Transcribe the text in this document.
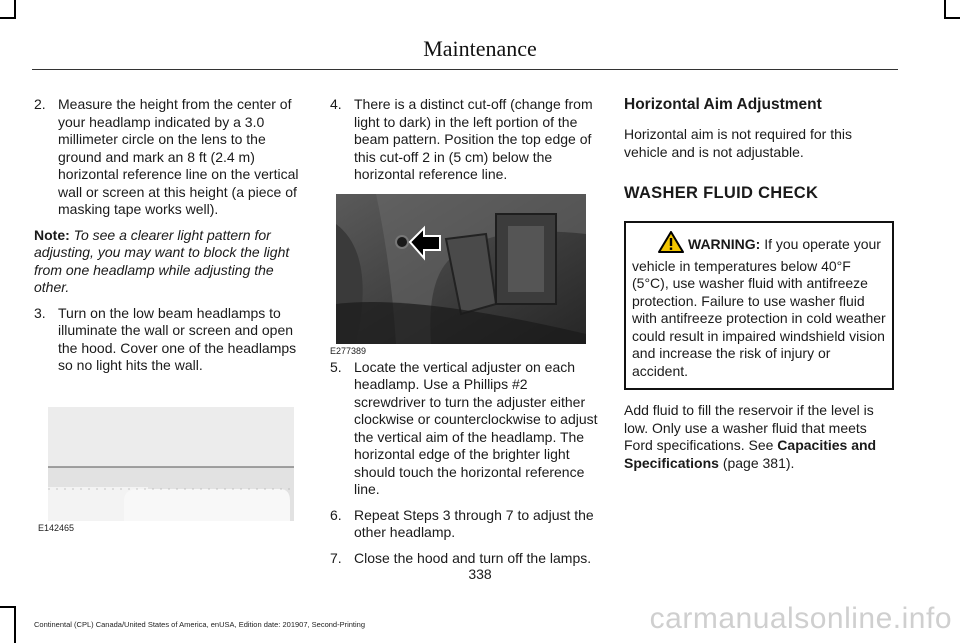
Maintenance
2. Measure the height from the center of your headlamp indicated by a 3.0 millimeter circle on the lens to the ground and mark an 8 ft (2.4 m) horizontal reference line on the vertical wall or screen at this height (a piece of masking tape works well).
Note: To see a clearer light pattern for adjusting, you may want to block the light from one headlamp while adjusting the other.
3. Turn on the low beam headlamps to illuminate the wall or screen and open the hood. Cover one of the headlamps so no light hits the wall.
E142465
4. There is a distinct cut-off (change from light to dark) in the left portion of the beam pattern. Position the top edge of this cut-off 2 in (5 cm) below the horizontal reference line.
E277389
5. Locate the vertical adjuster on each headlamp. Use a Phillips #2 screwdriver to turn the adjuster either clockwise or counterclockwise to adjust the vertical aim of the headlamp. The horizontal edge of the brighter light should touch the horizontal reference line.
6. Repeat Steps 3 through 7 to adjust the other headlamp.
7. Close the hood and turn off the lamps.
Horizontal Aim Adjustment

Horizontal aim is not required for this vehicle and is not adjustable.

WASHER FLUID CHECK
WARNING: If you operate your vehicle in temperatures below 40°F (5°C), use washer fluid with antifreeze protection. Failure to use washer fluid with antifreeze protection in cold weather could result in impaired windshield vision and increase the risk of injury or accident.

Add fluid to fill the reservoir if the level is low. Only use a washer fluid that meets Ford specifications. See Capacities and Specifications (page 381).

338
Continental (CPL) Canada/United States of America, enUSA, Edition date: 201907, Second-Printing	carmanualsonline.info
